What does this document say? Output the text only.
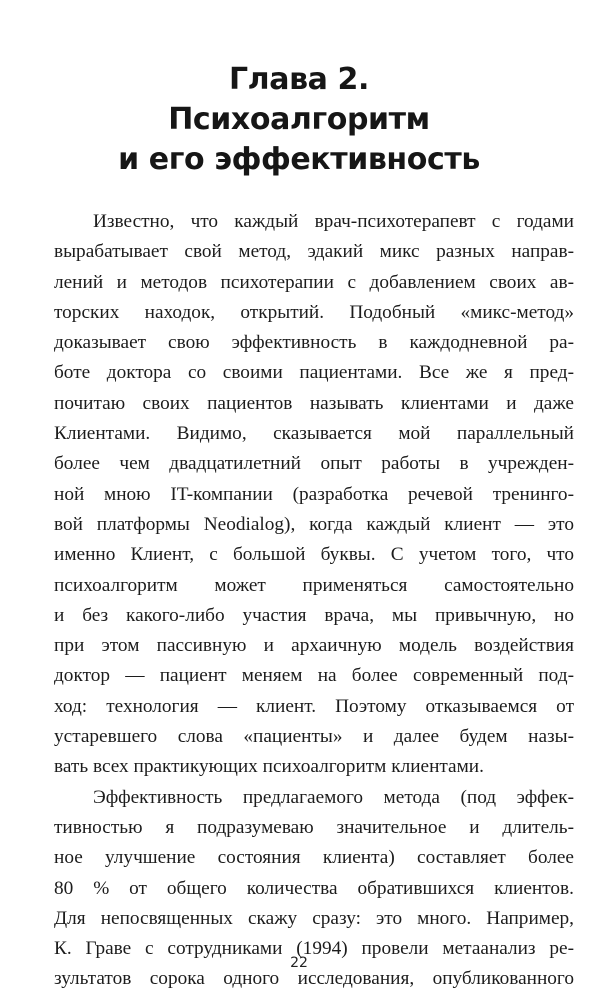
Глава 2.
Психоалгоритм
и его эффективность
Известно, что каждый врач-психотерапевт с годами
вырабатывает свой метод, эдакий микс разных направ-
лений и методов психотерапии с добавлением своих ав-
торских находок, открытий. Подобный «микс-метод»
доказывает свою эффективность в каждодневной ра-
боте доктора со своими пациентами. Все же я пред-
почитаю своих пациентов называть клиентами и даже
Клиентами. Видимо, сказывается мой параллельный
более чем двадцатилетний опыт работы в учрежден-
ной мною IT-компании (разработка речевой тренинго-
вой платформы Neodialog), когда каждый клиент — это
именно Клиент, с большой буквы. С учетом того, что
психоалгоритм может применяться самостоятельно
и без какого-либо участия врача, мы привычную, но
при этом пассивную и архаичную модель воздействия
доктор — пациент меняем на более современный под-
ход: технология — клиент. Поэтому отказываемся от
устаревшего слова «пациенты» и далее будем назы-
вать всех практикующих психоалгоритм клиентами.
Эффективность предлагаемого метода (под эффек-
тивностью я подразумеваю значительное и длитель-
ное улучшение состояния клиента) составляет более
80 % от общего количества обратившихся клиентов.
Для непосвященных скажу сразу: это много. Например,
К. Граве с сотрудниками (1994) провели метаанализ ре-
зультатов сорока одного исследования, опубликованного
22
